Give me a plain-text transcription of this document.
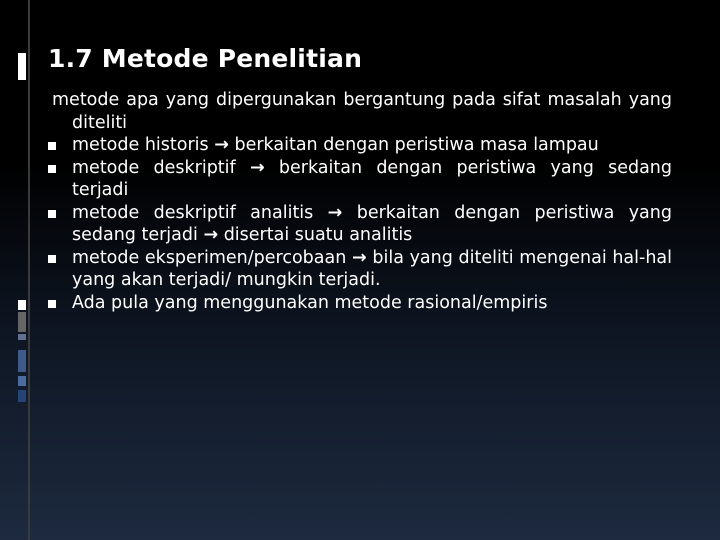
1.7 Metode Penelitian

metode apa yang dipergunakan bergantung pada sifat masalah yang diteliti

metode historis → berkaitan dengan peristiwa masa lampau
metode deskriptif → berkaitan dengan peristiwa yang sedang terjadi
metode deskriptif analitis → berkaitan dengan peristiwa yang sedang terjadi → disertai suatu analitis
metode eksperimen/percobaan → bila yang diteliti mengenai hal-hal yang akan terjadi/ mungkin terjadi.
Ada pula yang menggunakan metode rasional/empiris
